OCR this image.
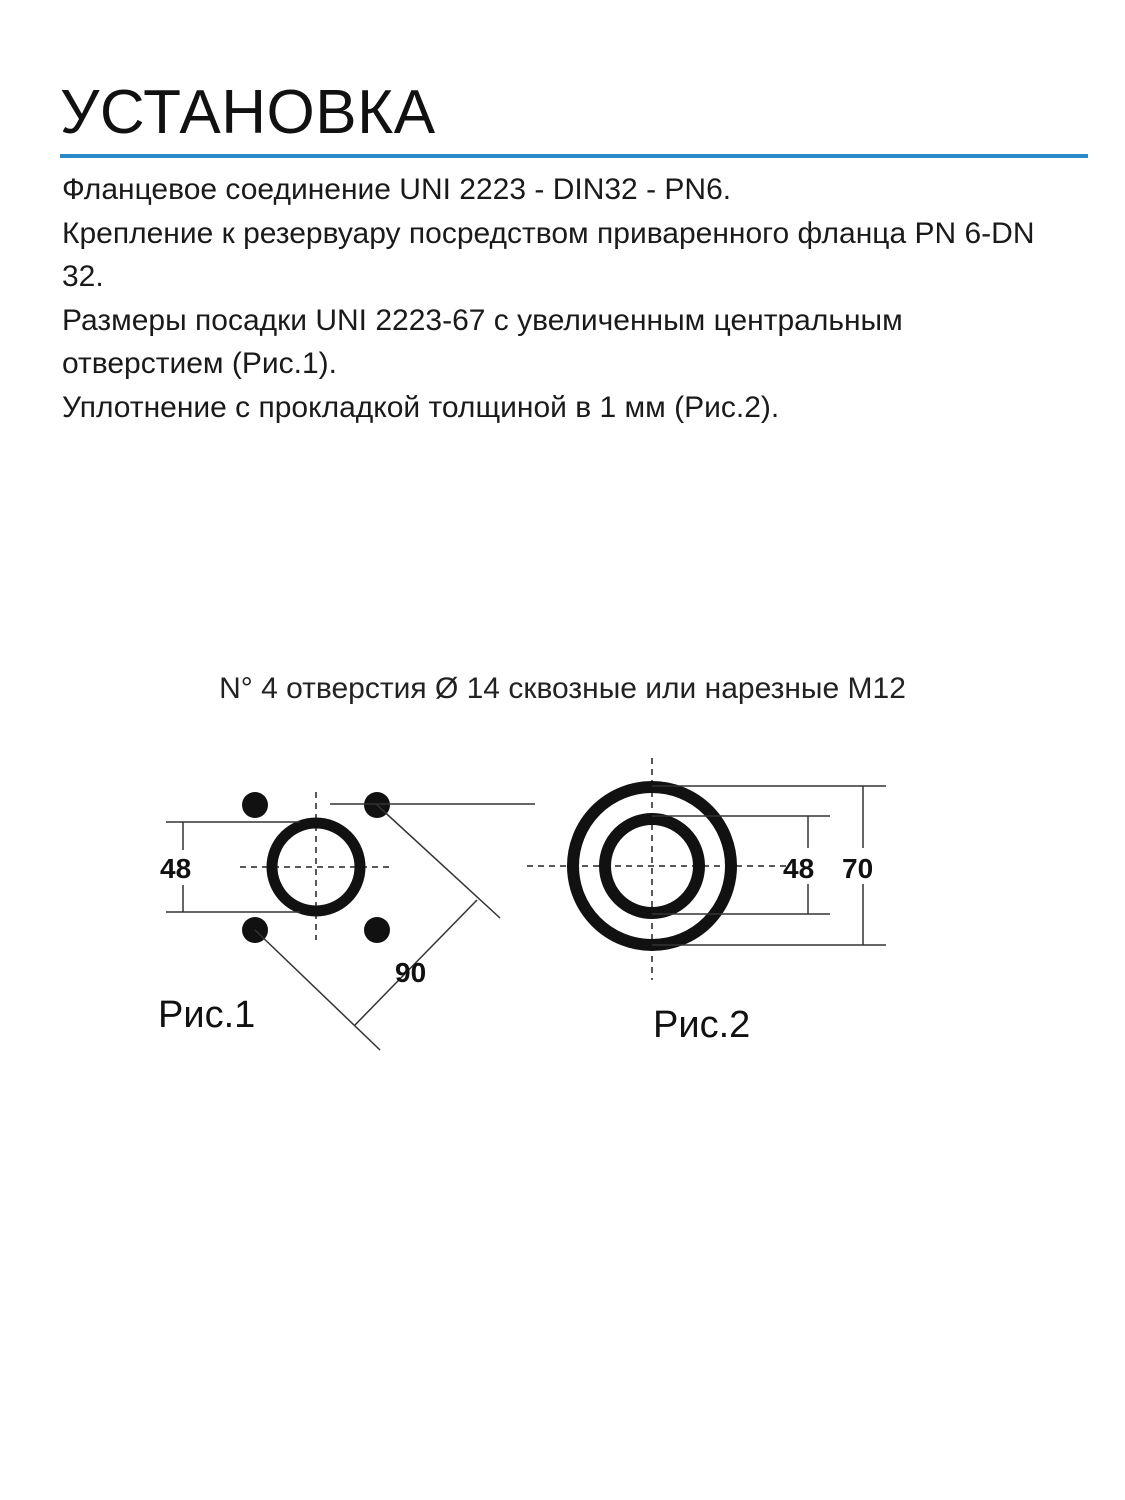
УСТАНОВКА

Фланцевое соединение UNI 2223 - DIN32 - PN6.

Крепление к резервуару посредством приваренного фланца PN 6-DN 32.

Размеры посадки UNI 2223-67 с увеличенным центральным отверстием (Рис.1).

Уплотнение с прокладкой толщиной в 1 мм (Рис.2).

N° 4 отверстия Ø 14 сквозные или нарезные M12
48
90
Рис.1
48 70
Рис.2
